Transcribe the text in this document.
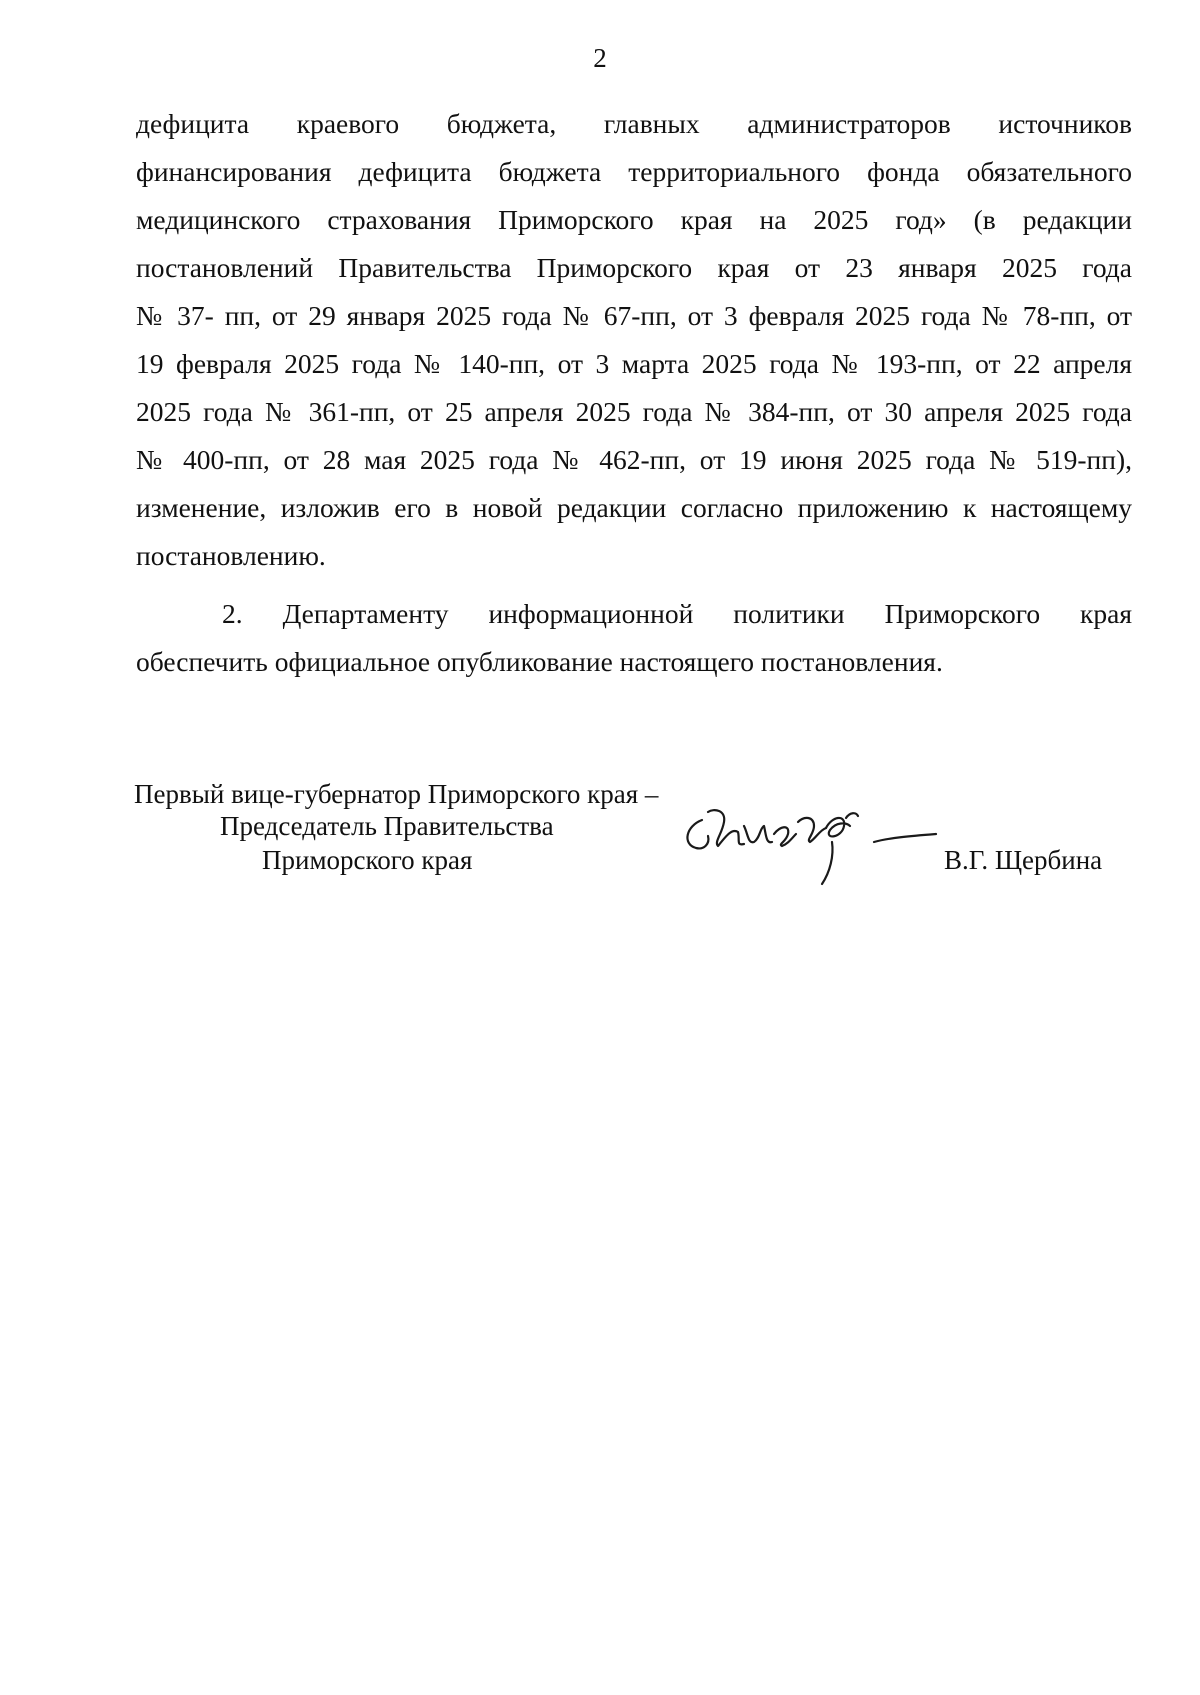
2
дефицита краевого бюджета, главных администраторов источников
финансирования дефицита бюджета территориального фонда обязательного
медицинского страхования Приморского края на 2025 год» (в редакции
постановлений Правительства Приморского края от 23 января 2025 года
№ 37- пп, от 29 января 2025 года № 67-пп, от 3 февраля 2025 года № 78-пп, от
19 февраля 2025 года № 140-пп, от 3 марта 2025 года № 193-пп, от 22 апреля
2025 года № 361-пп, от 25 апреля 2025 года № 384-пп, от 30 апреля 2025 года
№ 400-пп, от 28 мая 2025 года № 462-пп, от 19 июня 2025 года № 519-пп),
изменение, изложив его в новой редакции согласно приложению к настоящему
постановлению.
2. Департаменту информационной политики Приморского края
обеспечить официальное опубликование настоящего постановления.
Первый вице-губернатор Приморского края –
Председатель Правительства
Приморского края	В.Г. Щербина
